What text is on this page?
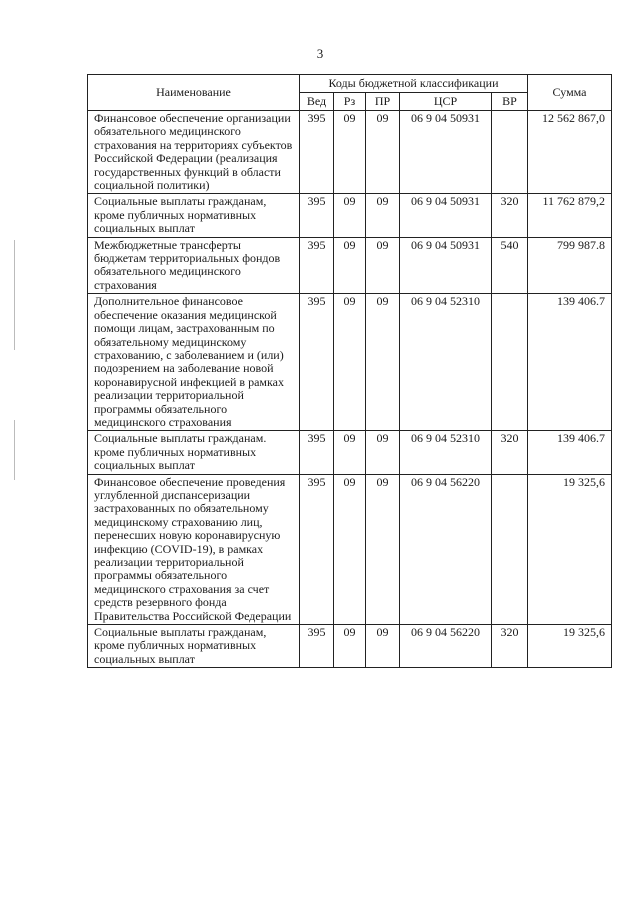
3
Наименование	Коды бюджетной классификации					Сумма
	Вед	Рз	ПР	ЦСР	ВР	
Финансовое обеспечение организации обязательного медицинского страхования на территориях субъектов Российской Федерации (реализация государственных функций в области социальной политики)	395	09	09	06 9 04 50931		12 562 867,0
Социальные выплаты гражданам, кроме публичных нормативных социальных выплат	395	09	09	06 9 04 50931	320	11 762 879,2
Межбюджетные трансферты бюджетам территориальных фондов обязательного медицинского страхования	395	09	09	06 9 04 50931	540	799 987.8
Дополнительное финансовое обеспечение оказания медицинской помощи лицам, застрахованным по обязательному медицинскому страхованию, с заболеванием и (или) подозрением на заболевание новой коронавирусной инфекцией в рамках реализации территориальной программы обязательного медицинского страхования	395	09	09	06 9 04 52310		139 406.7
Социальные выплаты гражданам. кроме публичных нормативных социальных выплат	395	09	09	06 9 04 52310	320	139 406.7
Финансовое обеспечение проведения углубленной диспансеризации застрахованных по обязательному медицинскому страхованию лиц, перенесших новую коронавирусную инфекцию (COVID-19), в рамках реализации территориальной программы обязательного медицинского страхования за счет средств резервного фонда Правительства Российской Федерации	395	09	09	06 9 04 56220		19 325,6
Социальные выплаты гражданам, кроме публичных нормативных социальных выплат	395	09	09	06 9 04 56220	320	19 325,6
